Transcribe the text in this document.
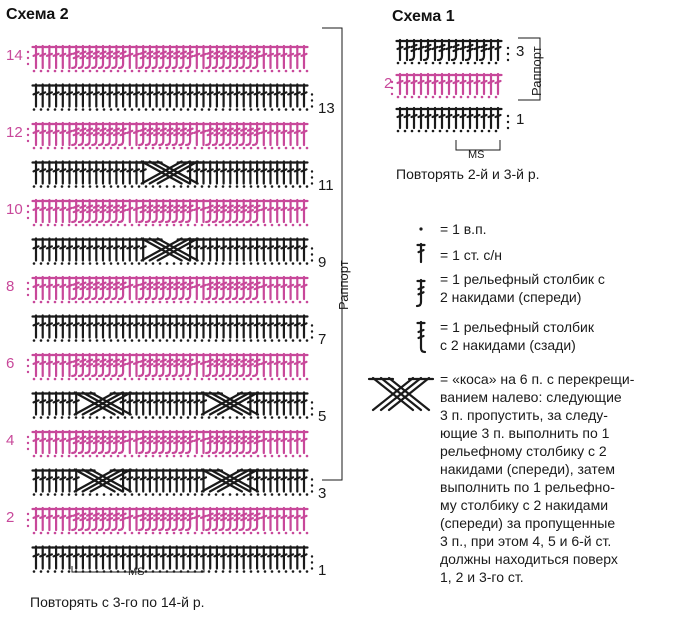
Схема 2
14
13
12
11
10
9
8
7
6
5
4
3
2
1
MS
Раппорт
Повторять с 3-го по 14-й р.
Схема 1
3
2
1
MS
Раппорт
Повторять 2-й и 3-й р.
= 1 в.п.
= 1 ст. с/н
= 1 рельефный столбик с
2 накидами (спереди)
= 1 рельефный столбик
с 2 накидами (сзади)
= «коса» на 6 п. с перекрещи-
ванием налево: следующие
3 п. пропустить, за следу-
ющие 3 п. выполнить по 1
рельефному столбику с 2
накидами (спереди), затем
выполнить по 1 рельефно-
му столбику с 2 накидами
(спереди) за пропущенные
3 п., при этом 4, 5 и 6-й ст.
должны находиться поверх
1, 2 и 3-го ст.
